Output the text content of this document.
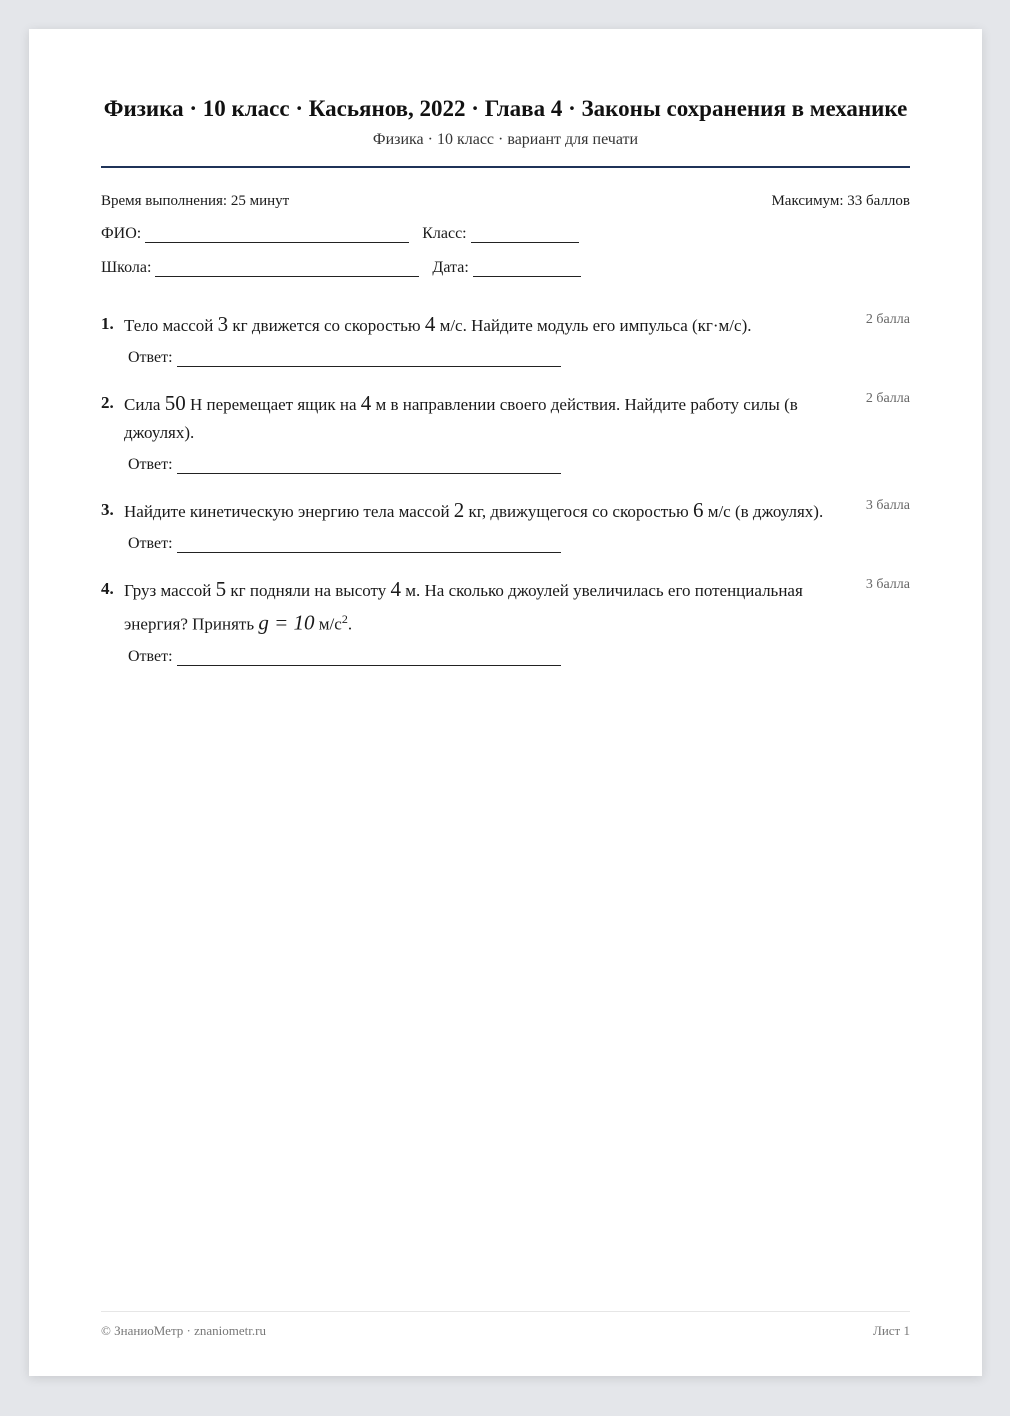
Физика · 10 класс · Касьянов, 2022 · Глава 4 · Законы сохранения в механике
Физика · 10 класс · вариант для печати
Время выполнения: 25 минут	Максимум: 33 баллов
ФИО:	Класс:
Школа:	Дата:
1. Тело массой 3 кг движется со скоростью 4 м/с. Найдите модуль его импульса (кг·м/с).	2 балла
Ответ:
2. Сила 50 Н перемещает ящик на 4 м в направлении своего действия. Найдите работу силы (в джоулях).
2 балла
Ответ:
3. Найдите кинетическую энергию тела массой 2 кг, движущегося со скоростью 6 м/с (в джоулях).	3 балла
Ответ:
4. Груз массой 5 кг подняли на высоту 4 м. На сколько джоулей увеличилась его потенциальная энергия? Принять g = 10 $м/с^2$.
3 балла
Ответ:
© ЗнаниоМетр · znaniometr.ru	Лист 1
